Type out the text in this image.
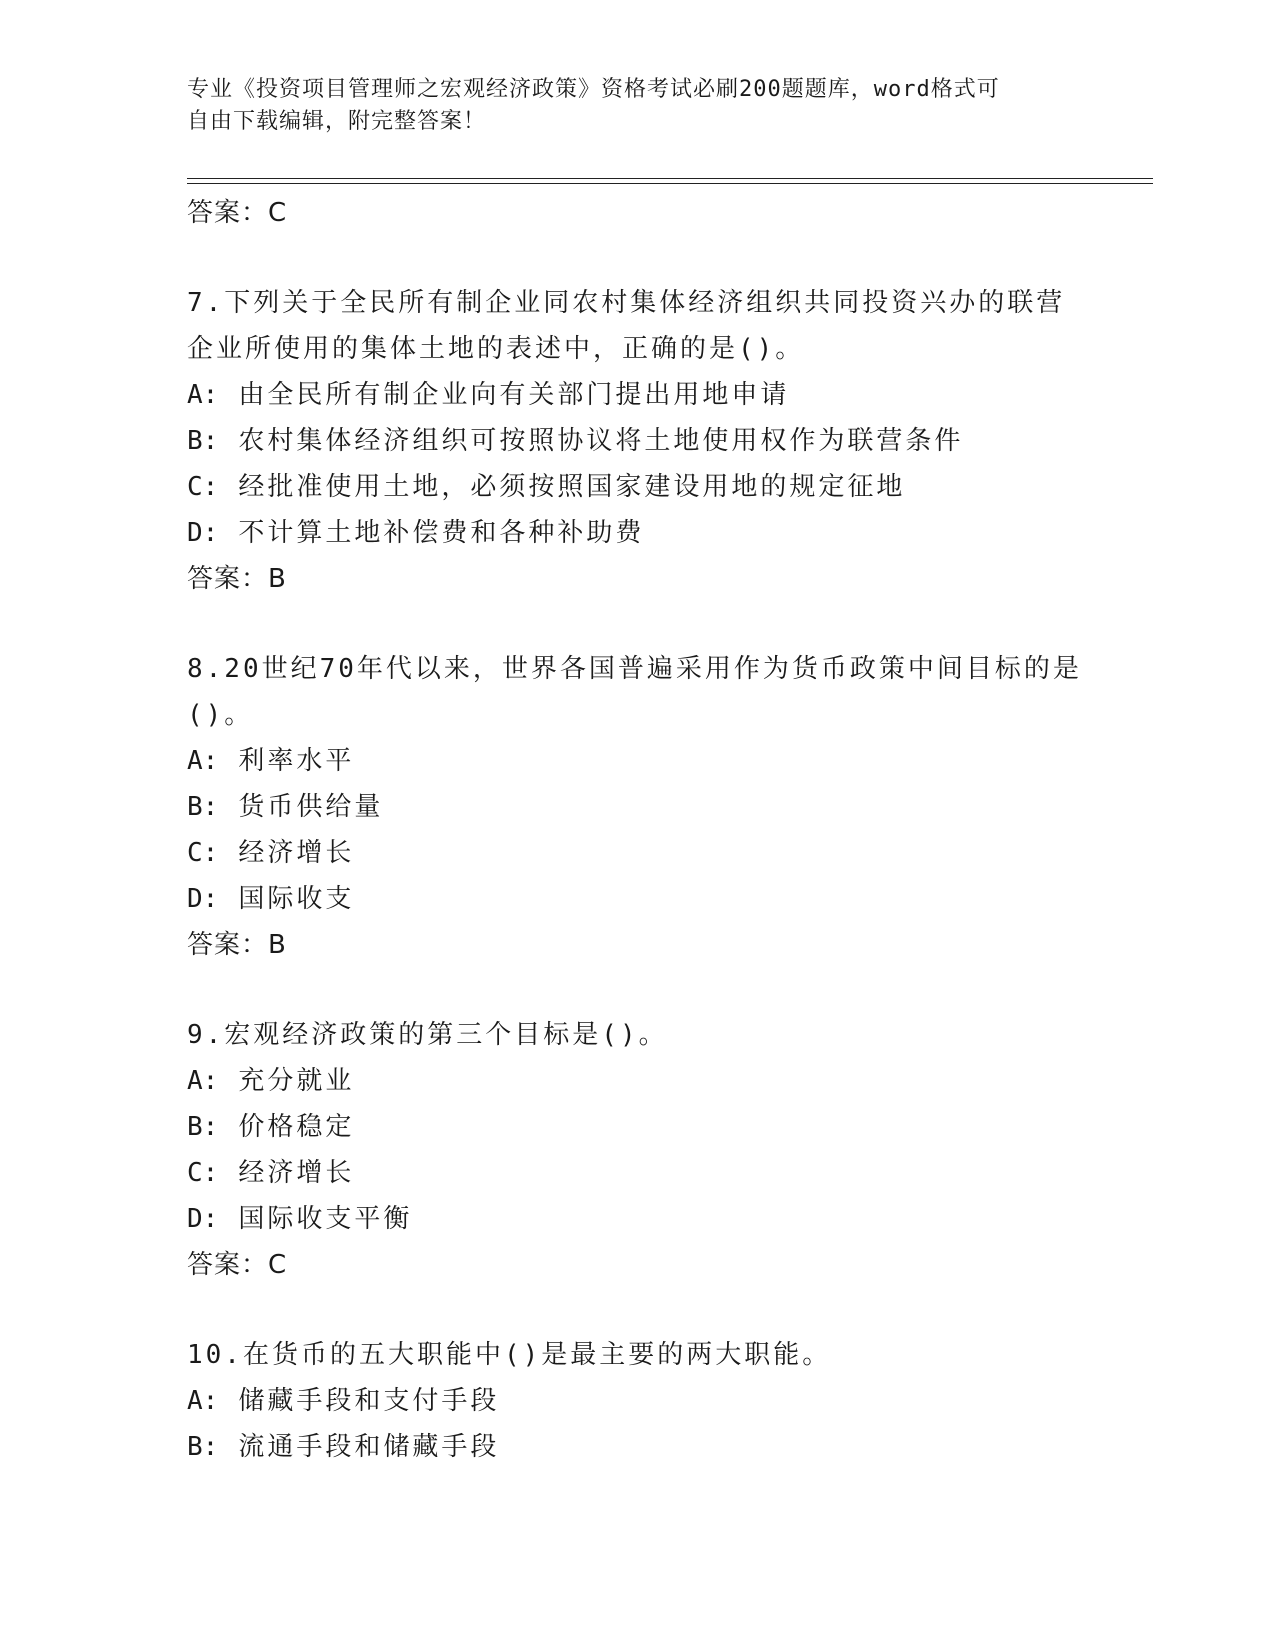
专业《投资项目管理师之宏观经济政策》资格考试必刷200题题库，word格式可
自由下载编辑，附完整答案！
答案：C
7.下列关于全民所有制企业同农村集体经济组织共同投资兴办的联营企业所使用的集体土地的表述中，正确的是()。
A: 由全民所有制企业向有关部门提出用地申请
B: 农村集体经济组织可按照协议将土地使用权作为联营条件
C: 经批准使用土地，必须按照国家建设用地的规定征地
D: 不计算土地补偿费和各种补助费
答案：B
8.20世纪70年代以来，世界各国普遍采用作为货币政策中间目标的是()。
A: 利率水平
B: 货币供给量
C: 经济增长
D: 国际收支
答案：B
9.宏观经济政策的第三个目标是()。
A: 充分就业
B: 价格稳定
C: 经济增长
D: 国际收支平衡
答案：C
10.在货币的五大职能中()是最主要的两大职能。
A: 储藏手段和支付手段
B: 流通手段和储藏手段
